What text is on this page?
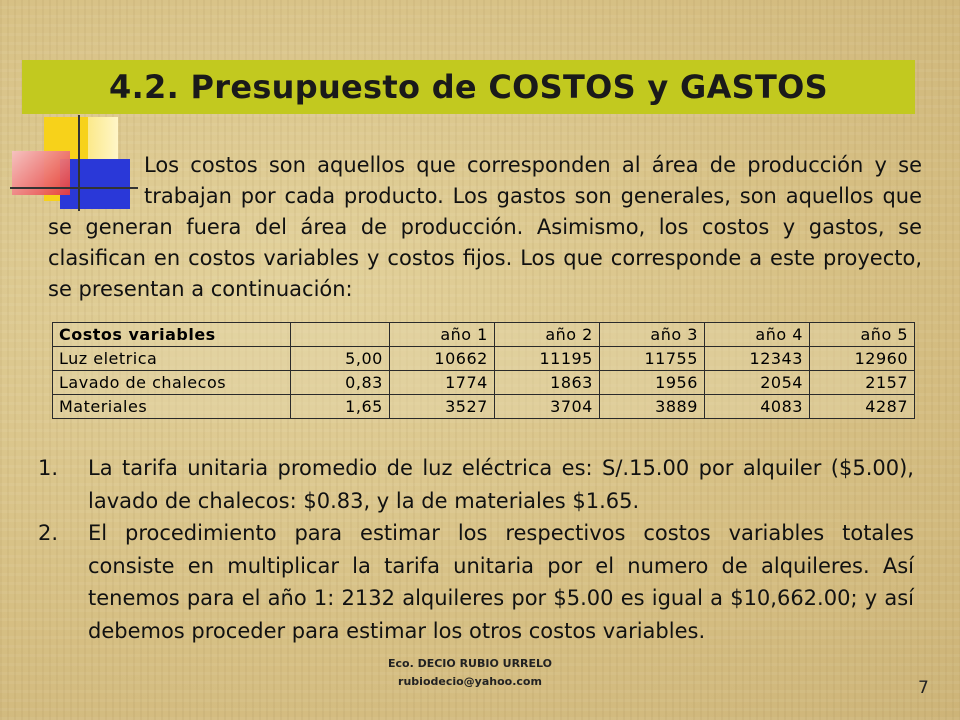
4.2. Presupuesto de COSTOS y GASTOS
Los costos son aquellos que corresponden al área de producción y se trabajan por cada producto. Los gastos son generales, son aquellos que se generan fuera del área de producción. Asimismo, los costos y gastos, se clasifican en costos variables y costos fijos. Los que corresponde a este proyecto, se presentan a continuación:
Costos variables		año 1	año 2	año 3	año 4	año 5
Luz eletrica	5,00	10662	11195	11755	12343	12960
Lavado de chalecos	0,83	1774	1863	1956	2054	2157
Materiales	1,65	3527	3704	3889	4083	4287
1.	La tarifa unitaria promedio de luz eléctrica es: S/.15.00 por alquiler ($5.00), lavado de chalecos: $0.83, y la de materiales $1.65.
2.	El procedimiento para estimar los respectivos costos variables totales consiste en multiplicar la tarifa unitaria por el numero de alquileres. Así tenemos para el año 1: 2132 alquileres por $5.00 es igual a $10,662.00; y así debemos proceder para estimar los otros costos variables.
Eco. DECIO RUBIO URRELO
rubiodecio@yahoo.com	7
